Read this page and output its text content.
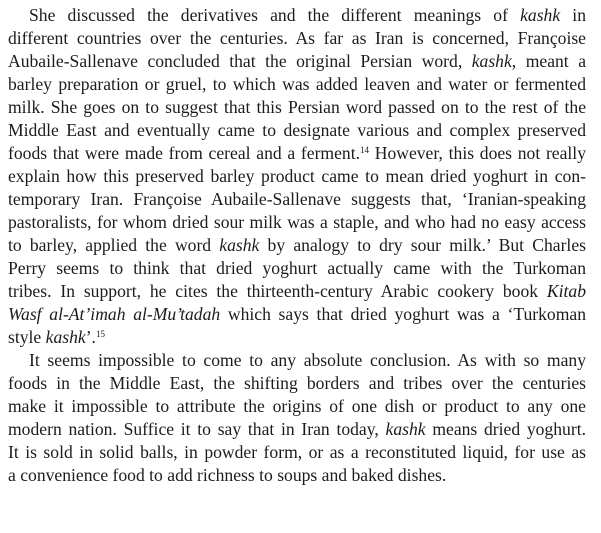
She discussed the derivatives and the different meanings of kashk in
different countries over the centuries. As far as Iran is concerned, Françoise
Aubaile-Sallenave concluded that the original Persian word, kashk, meant a
barley preparation or gruel, to which was added leaven and water or fermented
milk. She goes on to suggest that this Persian word passed on to the rest of the
Middle East and eventually came to designate various and complex preserved
foods that were made from cereal and a ferment.$^{14}$ However, this does not really
explain how this preserved barley product came to mean dried yoghurt in con-
temporary Iran. Françoise Aubaile-Sallenave suggests that, ‘Iranian-speaking
pastoralists, for whom dried sour milk was a staple, and who had no easy access
to barley, applied the word kashk by analogy to dry sour milk.’ But Charles
Perry seems to think that dried yoghurt actually came with the Turkoman
tribes. In support, he cites the thirteenth-century Arabic cookery book Kitab
Wasf al-At’imah al-Mu’tadah which says that dried yoghurt was a ‘Turkoman
style kashk’.$^{15}$
It seems impossible to come to any absolute conclusion. As with so many
foods in the Middle East, the shifting borders and tribes over the centuries
make it impossible to attribute the origins of one dish or product to any one
modern nation. Suffice it to say that in Iran today, kashk means dried yoghurt.
It is sold in solid balls, in powder form, or as a reconstituted liquid, for use as
a convenience food to add richness to soups and baked dishes.
